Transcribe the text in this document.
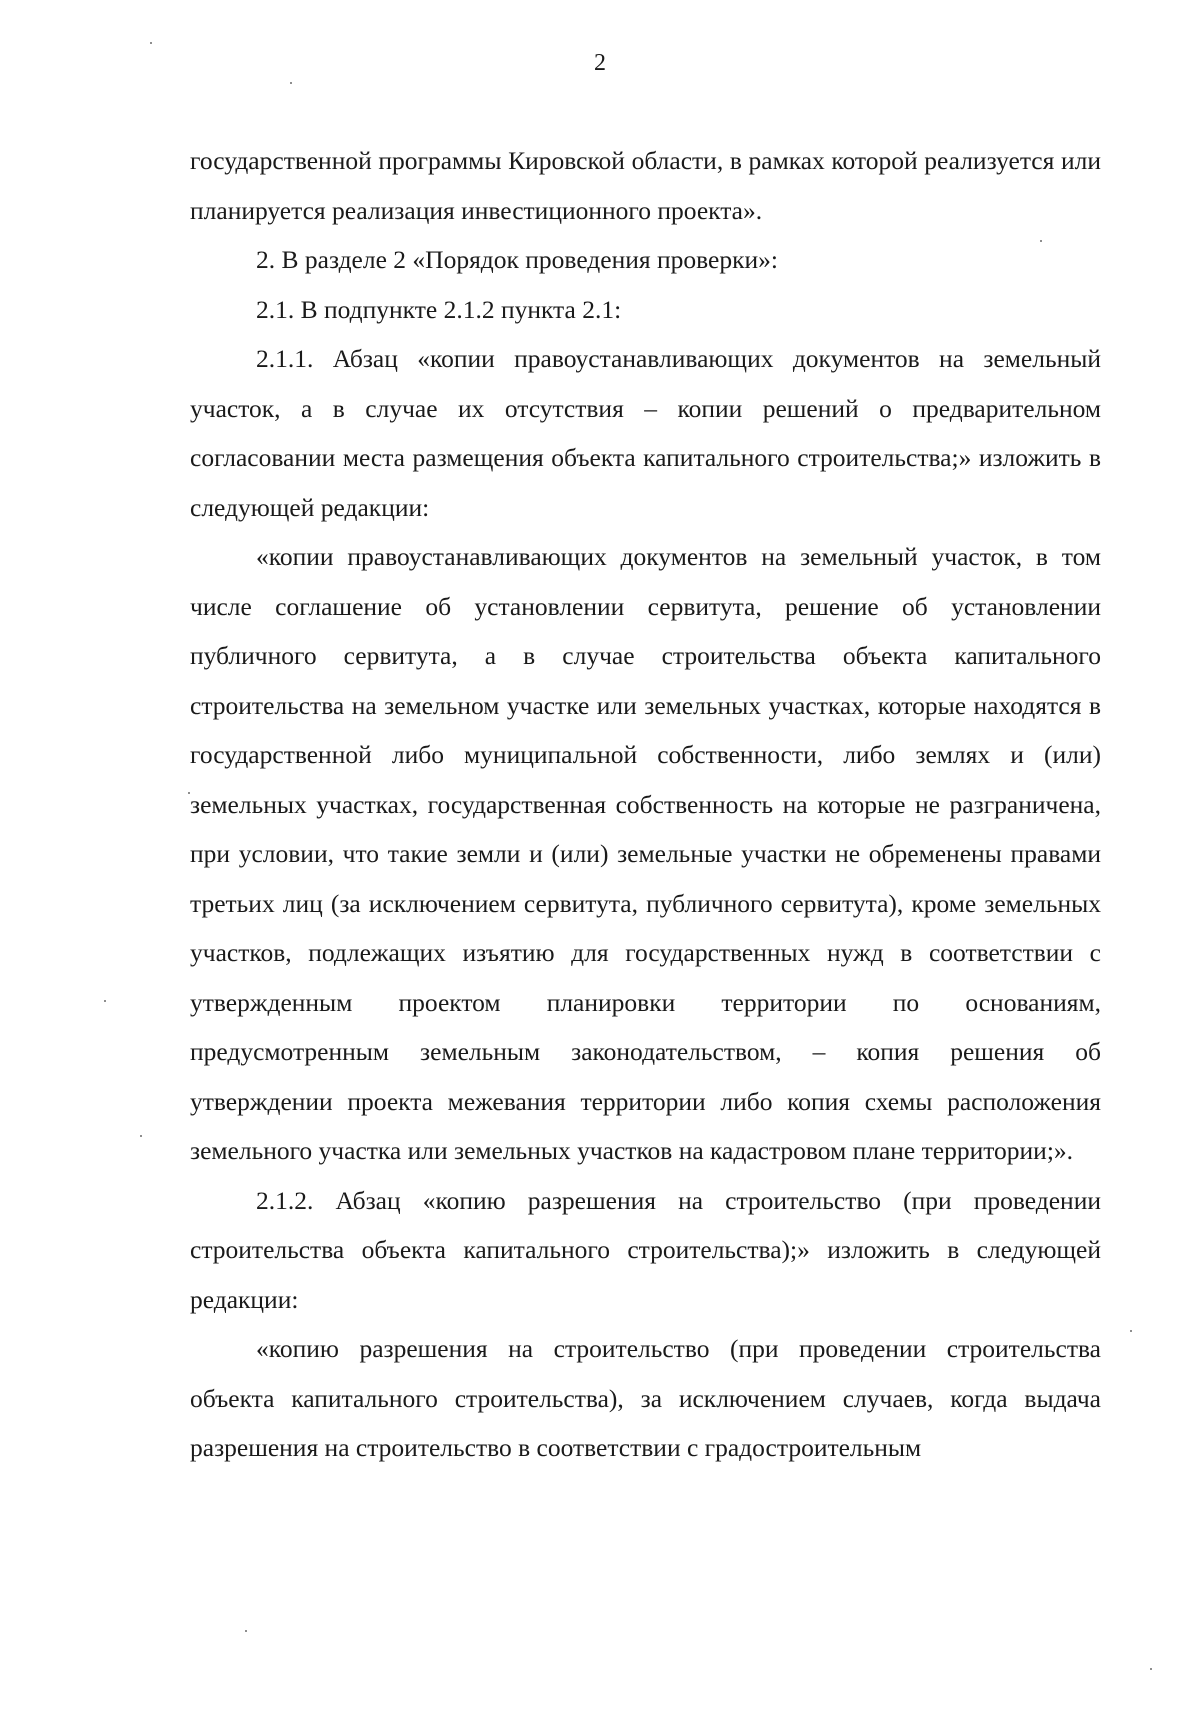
2

государственной программы Кировской области, в рамках которой реализуется или планируется реализация инвестиционного проекта».

2. В разделе 2 «Порядок проведения проверки»:

2.1. В подпункте 2.1.2 пункта 2.1:

2.1.1. Абзац «копии правоустанавливающих документов на земельный участок, а в случае их отсутствия – копии решений о предварительном согласовании места размещения объекта капитального строительства;» изложить в следующей редакции:

«копии правоустанавливающих документов на земельный участок, в том числе соглашение об установлении сервитута, решение об установлении публичного сервитута, а в случае строительства объекта капитального строительства на земельном участке или земельных участках, которые находятся в государственной либо муниципальной собственности, либо землях и (или) земельных участках, государственная собственность на которые не разграничена, при условии, что такие земли и (или) земельные участки не обременены правами третьих лиц (за исключением сервитута, публичного сервитута), кроме земельных участков, подлежащих изъятию для государственных нужд в соответствии с утвержденным проектом планировки территории по основаниям, предусмотренным земельным законодательством, – копия решения об утверждении проекта межевания территории либо копия схемы расположения земельного участка или земельных участков на кадастровом плане территории;».

2.1.2. Абзац «копию разрешения на строительство (при проведении строительства объекта капитального строительства);» изложить в следующей редакции:

«копию разрешения на строительство (при проведении строительства объекта капитального строительства), за исключением случаев, когда выдача разрешения на строительство в соответствии с градостроительным
